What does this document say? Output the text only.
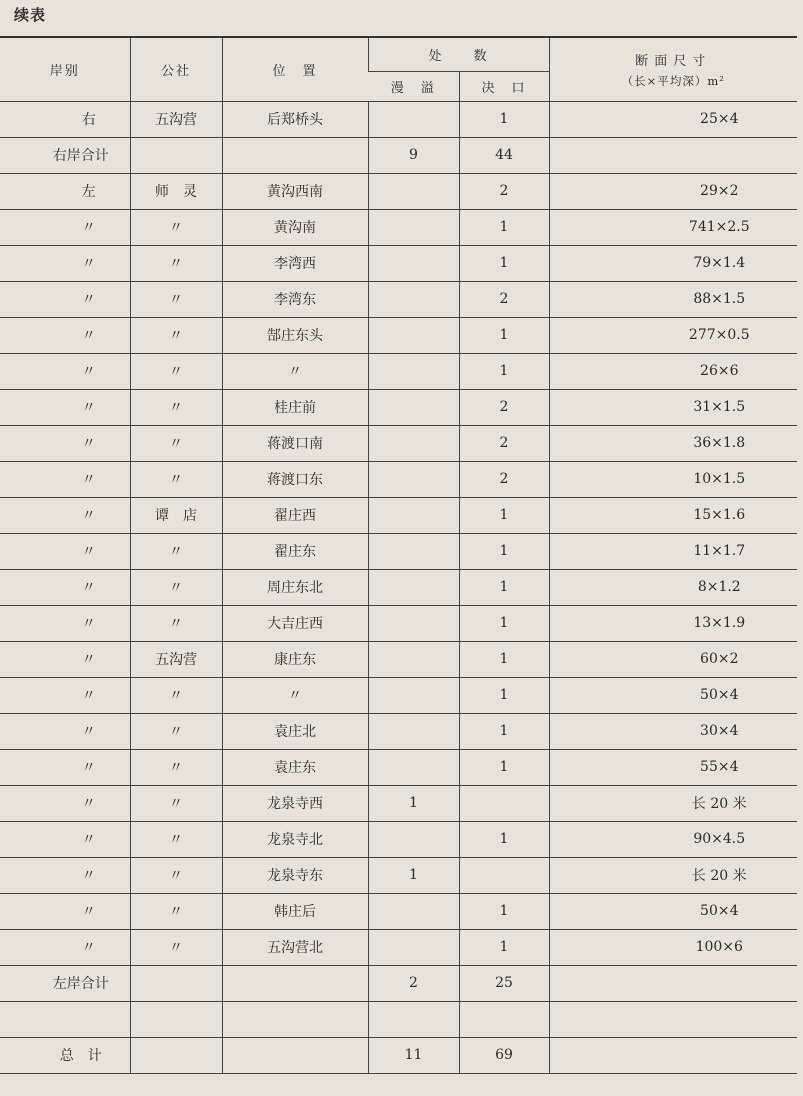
续表
岸别	公社	位　置	处　　数		断面尺寸
（长×平均深）m²

			漫　溢	决　口	
右	五沟营	后郑桥头		1	25×4
右岸合计			9	44	
左	师　灵	黄沟西南		2	29×2
〃	〃	黄沟南		1	741×2.5
〃	〃	李湾西		1	79×1.4
〃	〃	李湾东		2	88×1.5
〃	〃	郜庄东头		1	277×0.5
〃	〃	〃		1	26×6
〃	〃	桂庄前		2	31×1.5
〃	〃	蒋渡口南		2	36×1.8
〃	〃	蒋渡口东		2	10×1.5
〃	谭　店	翟庄西		1	15×1.6
〃	〃	翟庄东		1	11×1.7
〃	〃	周庄东北		1	8×1.2
〃	〃	大吉庄西		1	13×1.9
〃	五沟营	康庄东		1	60×2
〃	〃	〃		1	50×4
〃	〃	袁庄北		1	30×4
〃	〃	袁庄东		1	55×4
〃	〃	龙泉寺西	1		长 20 米
〃	〃	龙泉寺北		1	90×4.5
〃	〃	龙泉寺东	1		长 20 米
〃	〃	韩庄后		1	50×4
〃	〃	五沟营北		1	100×6
左岸合计			2	25	

总　计			11	69	
